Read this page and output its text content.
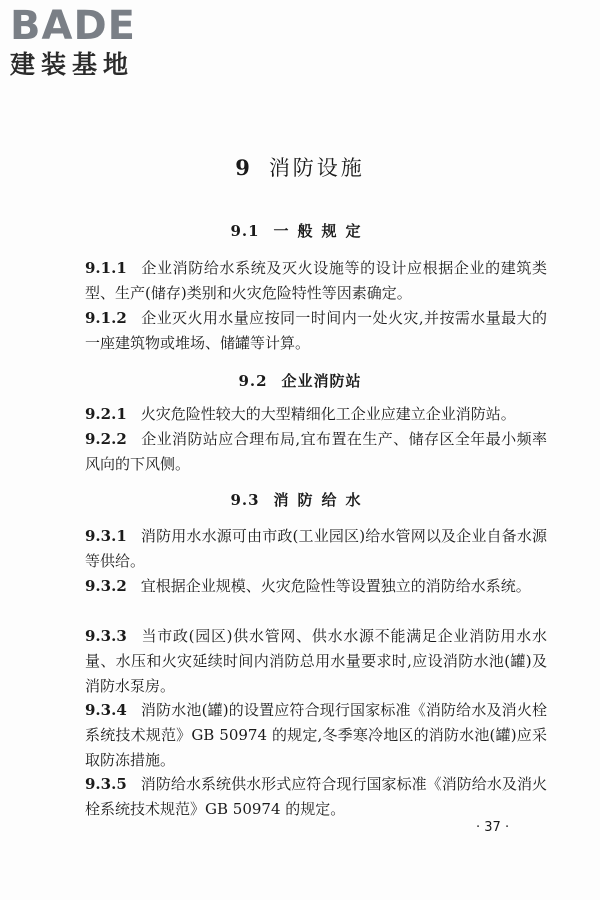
BADE
建装基地
9 消防设施
9.1 一般规定

9.1.1 企业消防给水系统及灭火设施等的设计应根据企业的建筑类型、生产(储存)类别和火灾危险特性等因素确定。

9.1.2 企业灭火用水量应按同一时间内一处火灾,并按需水量最大的一座建筑物或堆场、储罐等计算。

9.2 企业消防站

9.2.1 火灾危险性较大的大型精细化工企业应建立企业消防站。

9.2.2 企业消防站应合理布局,宜布置在生产、储存区全年最小频率风向的下风侧。

9.3 消防给水

9.3.1 消防用水水源可由市政(工业园区)给水管网以及企业自备水源等供给。

9.3.2 宜根据企业规模、火灾危险性等设置独立的消防给水系统。

9.3.3 当市政(园区)供水管网、供水水源不能满足企业消防用水水量、水压和火灾延续时间内消防总用水量要求时,应设消防水池(罐)及消防水泵房。

9.3.4 消防水池(罐)的设置应符合现行国家标准《消防给水及消火栓系统技术规范》GB 50974 的规定,冬季寒冷地区的消防水池(罐)应采取防冻措施。

9.3.5 消防给水系统供水形式应符合现行国家标准《消防给水及消火栓系统技术规范》GB 50974 的规定。

· 37 ·
